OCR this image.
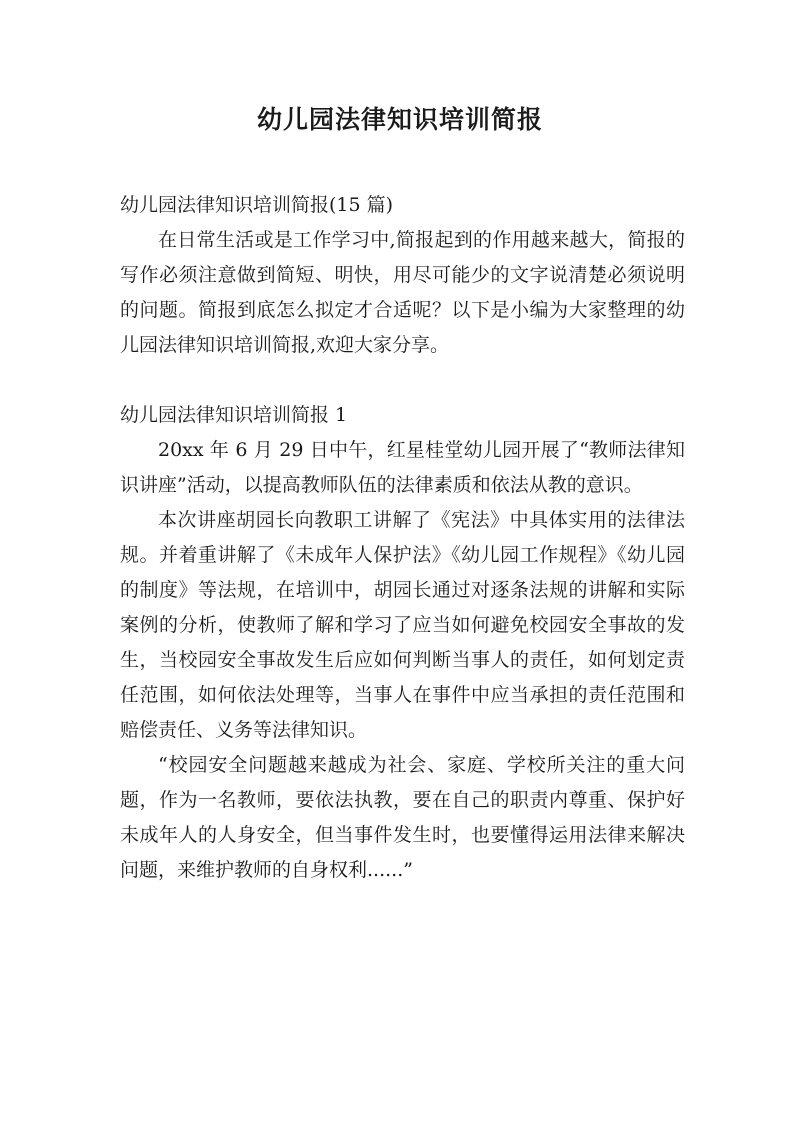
幼儿园法律知识培训简报

幼儿园法律知识培训简报(15 篇)

在日常生活或是工作学习中,简报起到的作用越来越大，简报的写作必须注意做到简短、明快，用尽可能少的文字说清楚必须说明的问题。简报到底怎么拟定才合适呢？以下是小编为大家整理的幼儿园法律知识培训简报,欢迎大家分享。

幼儿园法律知识培训简报 1

20xx 年 6 月 29 日中午，红星桂堂幼儿园开展了“教师法律知识讲座”活动，以提高教师队伍的法律素质和依法从教的意识。

本次讲座胡园长向教职工讲解了《宪法》中具体实用的法律法规。并着重讲解了《未成年人保护法》《幼儿园工作规程》《幼儿园的制度》等法规，在培训中，胡园长通过对逐条法规的讲解和实际案例的分析，使教师了解和学习了应当如何避免校园安全事故的发生，当校园安全事故发生后应如何判断当事人的责任，如何划定责任范围，如何依法处理等，当事人在事件中应当承担的责任范围和赔偿责任、义务等法律知识。

“校园安全问题越来越成为社会、家庭、学校所关注的重大问题，作为一名教师，要依法执教，要在自己的职责内尊重、保护好未成年人的人身安全，但当事件发生时，也要懂得运用法律来解决问题，来维护教师的自身权利......”
